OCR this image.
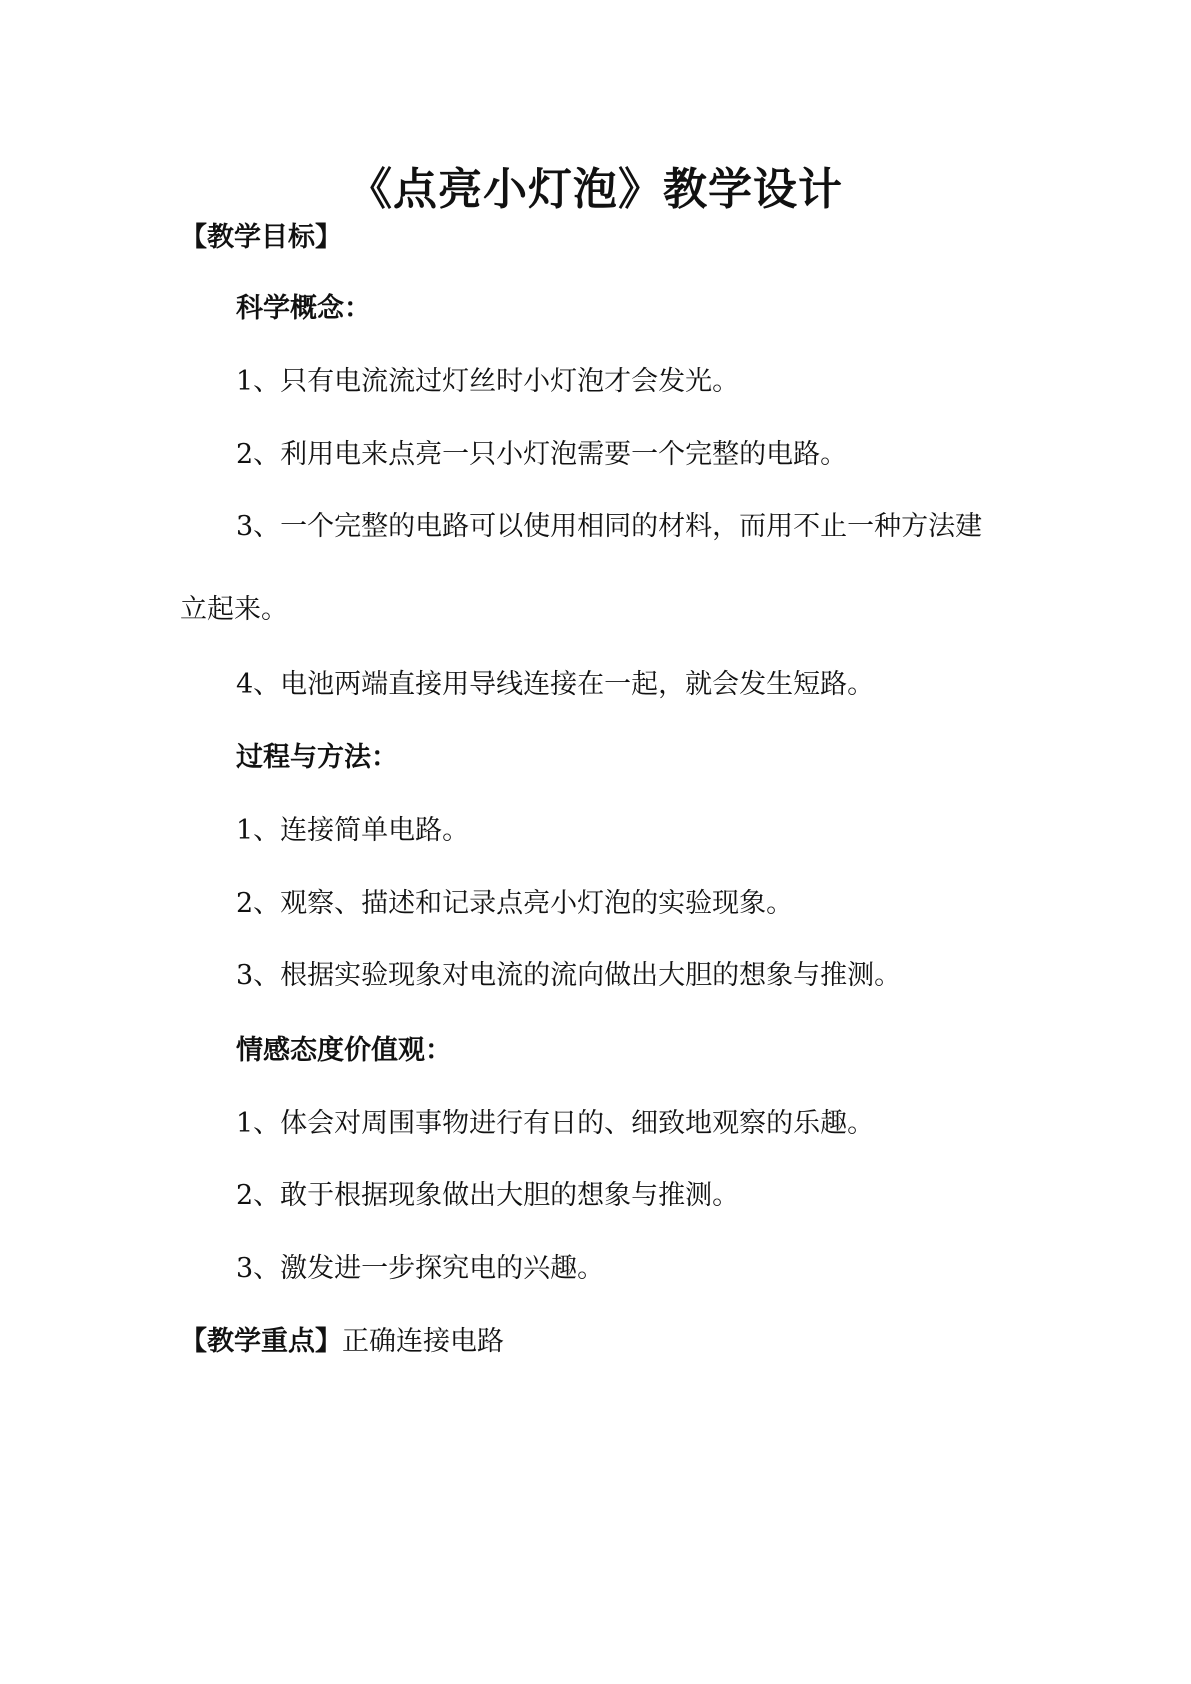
《点亮小灯泡》教学设计
【教学目标】
科学概念：
1、只有电流流过灯丝时小灯泡才会发光。
2、利用电来点亮一只小灯泡需要一个完整的电路。
3、一个完整的电路可以使用相同的材料，而用不止一种方法建
立起来。
4、电池两端直接用导线连接在一起，就会发生短路。
过程与方法：
1、连接简单电路。
2、观察、描述和记录点亮小灯泡的实验现象。
3、根据实验现象对电流的流向做出大胆的想象与推测。
情感态度价值观：
1、体会对周围事物进行有日的、细致地观察的乐趣。
2、敢于根据现象做出大胆的想象与推测。
3、激发进一步探究电的兴趣。
【教学重点】正确连接电路
